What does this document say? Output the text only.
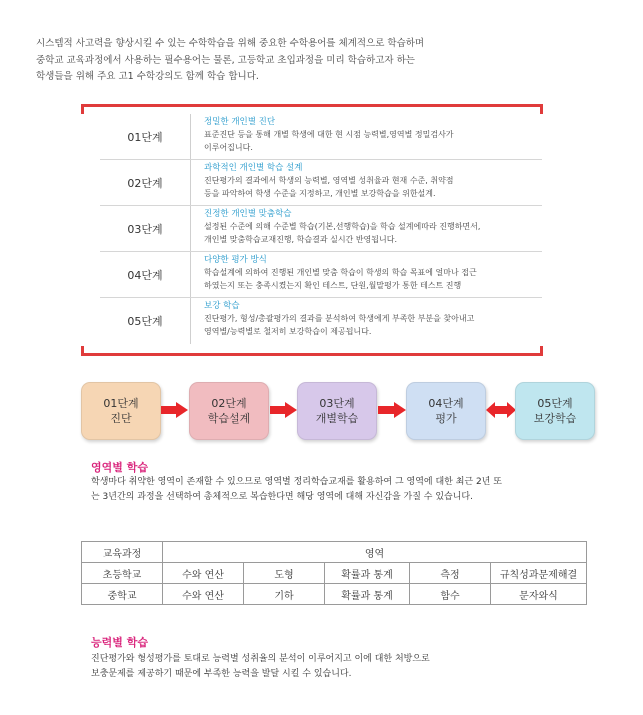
시스템적 사고력을 향상시킬 수 있는 수학학습을 위해 중요한 수학용어를 체계적으로 학습하며

중학교 교육과정에서 사용하는 필수용어는 물론, 고등학교 초입과정을 미리 학습하고자 하는

학생들을 위해 주요 고1 수학강의도 함께 학습 합니다.

01단계
정밀한 개인별 진단
표준진단 등을 통해 개별 학생에 대한 현 시점 능력별,영역별 정밀검사가
이루어집니다.
02단계
과학적인 개인별 학습 설계
진단평가의 결과에서 학생의 능력별, 영역별 성취율과 현재 수준, 취약점
등을 파악하여 학생 수준을 지정하고, 개인별 보강학습을 위한설계.
03단계
진정한 개인별 맞춤학습
설정된 수준에 의해 수준별 학습(기본,선행학습)을 학습 설계에따라 진행하면서,
개인별 맞춤학습교재진행, 학습결과 실시간 반영됩니다.
04단계
다양한 평가 방식
학습설계에 의하여 진행된 개인별 맞춤 학습이 학생의 학습 목표에 얼마나 접근
하였는지 또는 충족시켰는지 확인 테스트, 단원,월말평가 통한 테스트 진행
05단계
보강 학습
진단평가, 형성/총괄평가의 결과를 분석하여 학생에게 부족한 부분을 찾아내고
영역별/능력별로 철저히 보강학습이 제공됩니다.
01단계
진단
02단계
학습설계
03단계
개별학습
04단계
평가
05단계
보강학습
영역별 학습
학생마다 취약한 영역이 존재할 수 있으므로 영역별 정리학습교재를 활용하여 그 영역에 대한 최근 2년 또
는 3년간의 과정을 선택하여 총체적으로 복습한다면 해당 영역에 대해 자신감을 가질 수 있습니다.
교육과정	영역				
초등학교	수와 연산	도형	확률과 통계	측정	규칙성과문제해결
중학교	수와 연산	기하	확률과 통계	함수	문자와식
능력별 학습
진단평가와 형성평가를 토대로 능력별 성취율의 분석이 이루어지고 이에 대한 처방으로
보충문제를 제공하기 때문에 부족한 능력을 발달 시킬 수 있습니다.
